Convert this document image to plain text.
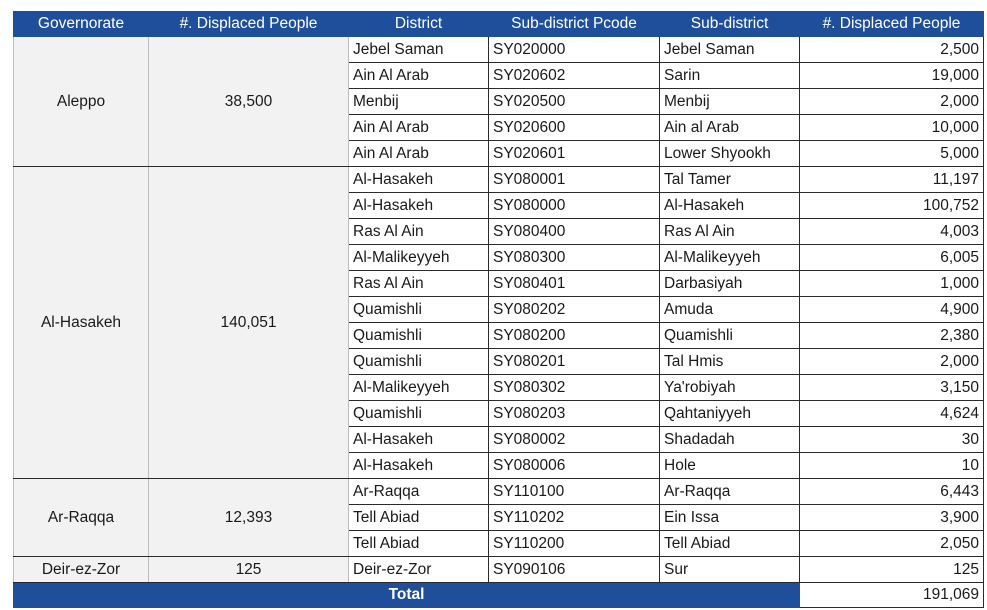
Governorate	#. Displaced People	District	Sub-district Pcode	Sub-district	#. Displaced People
Aleppo	38,500	Jebel Saman	SY020000	Jebel Saman	2,500
		Ain Al Arab	SY020602	Sarin	19,000
		Menbij	SY020500	Menbij	2,000
		Ain Al Arab	SY020600	Ain al Arab	10,000
		Ain Al Arab	SY020601	Lower Shyookh	5,000
Al-Hasakeh	140,051	Al-Hasakeh	SY080001	Tal Tamer	11,197
		Al-Hasakeh	SY080000	Al-Hasakeh	100,752
		Ras Al Ain	SY080400	Ras Al Ain	4,003
		Al-Malikeyyeh	SY080300	Al-Malikeyyeh	6,005
		Ras Al Ain	SY080401	Darbasiyah	1,000
		Quamishli	SY080202	Amuda	4,900
		Quamishli	SY080200	Quamishli	2,380
		Quamishli	SY080201	Tal Hmis	2,000
		Al-Malikeyyeh	SY080302	Ya'robiyah	3,150
		Quamishli	SY080203	Qahtaniyyeh	4,624
		Al-Hasakeh	SY080002	Shadadah	30
		Al-Hasakeh	SY080006	Hole	10
Ar-Raqqa	12,393	Ar-Raqqa	SY110100	Ar-Raqqa	6,443
		Tell Abiad	SY110202	Ein Issa	3,900
		Tell Abiad	SY110200	Tell Abiad	2,050
Deir-ez-Zor	125	Deir-ez-Zor	SY090106	Sur	125
Total					191,069
